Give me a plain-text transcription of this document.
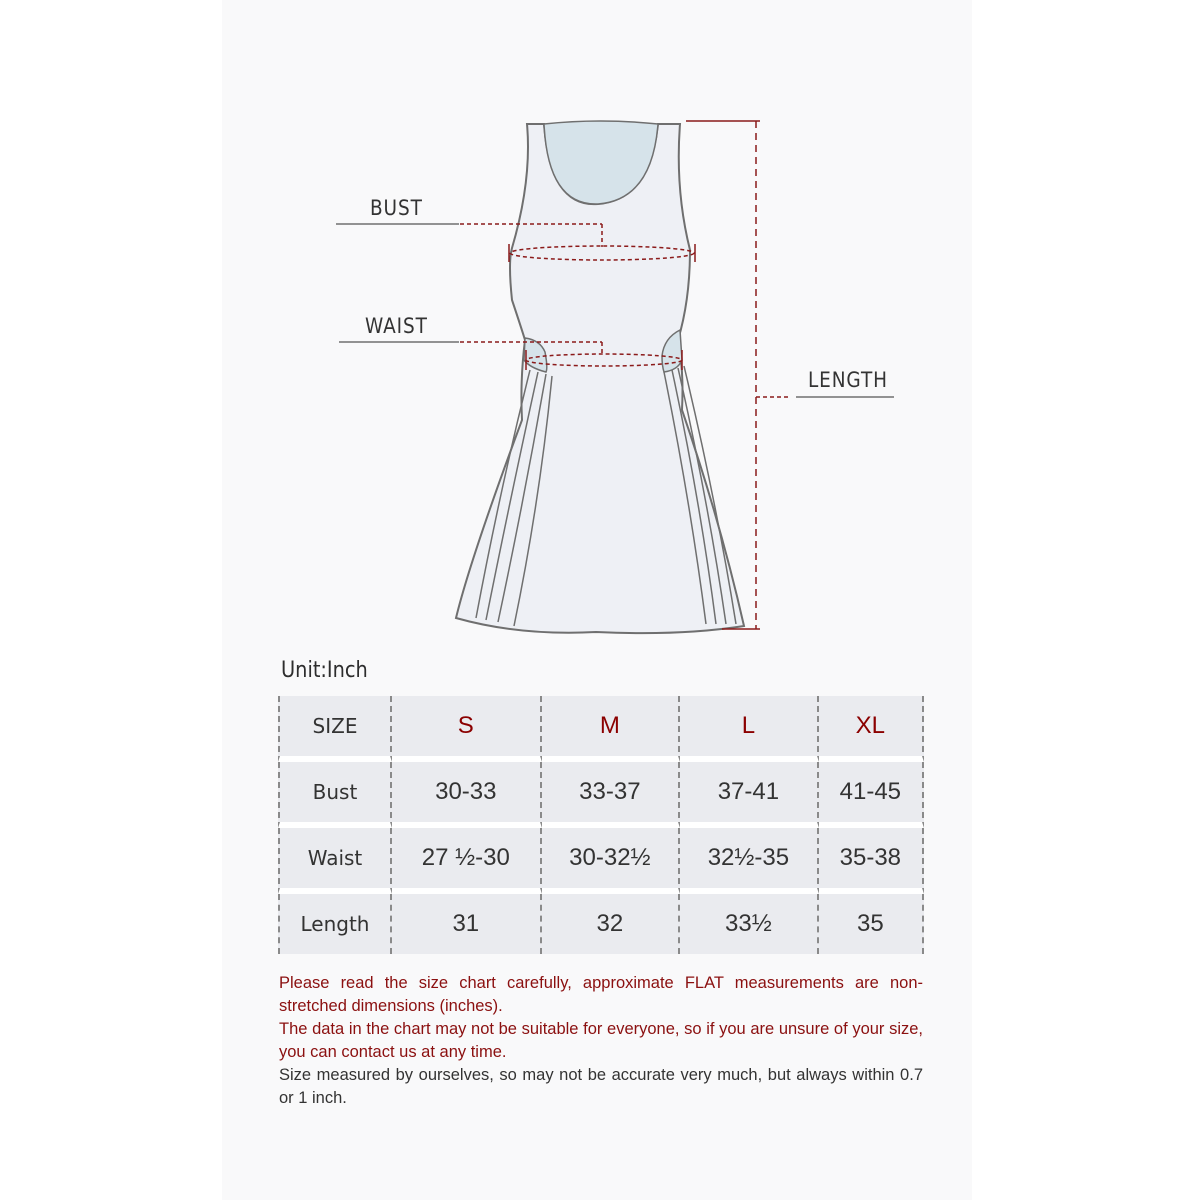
BUST
WAIST
LENGTH
Unit:Inch
SIZE	S	M	L	XL
Bust	30-33	33-37	37-41	41-45
Waist	27 ½-30	30-32½	32½-35	35-38
Length	31	32	33½	35

Please read the size chart carefully, approximate FLAT measurements are non-stretched dimensions (inches).

The data in the chart may not be suitable for everyone, so if you are unsure of your size, you can contact us at any time.

Size measured by ourselves, so may not be accurate very much, but always within 0.7 or 1 inch.
